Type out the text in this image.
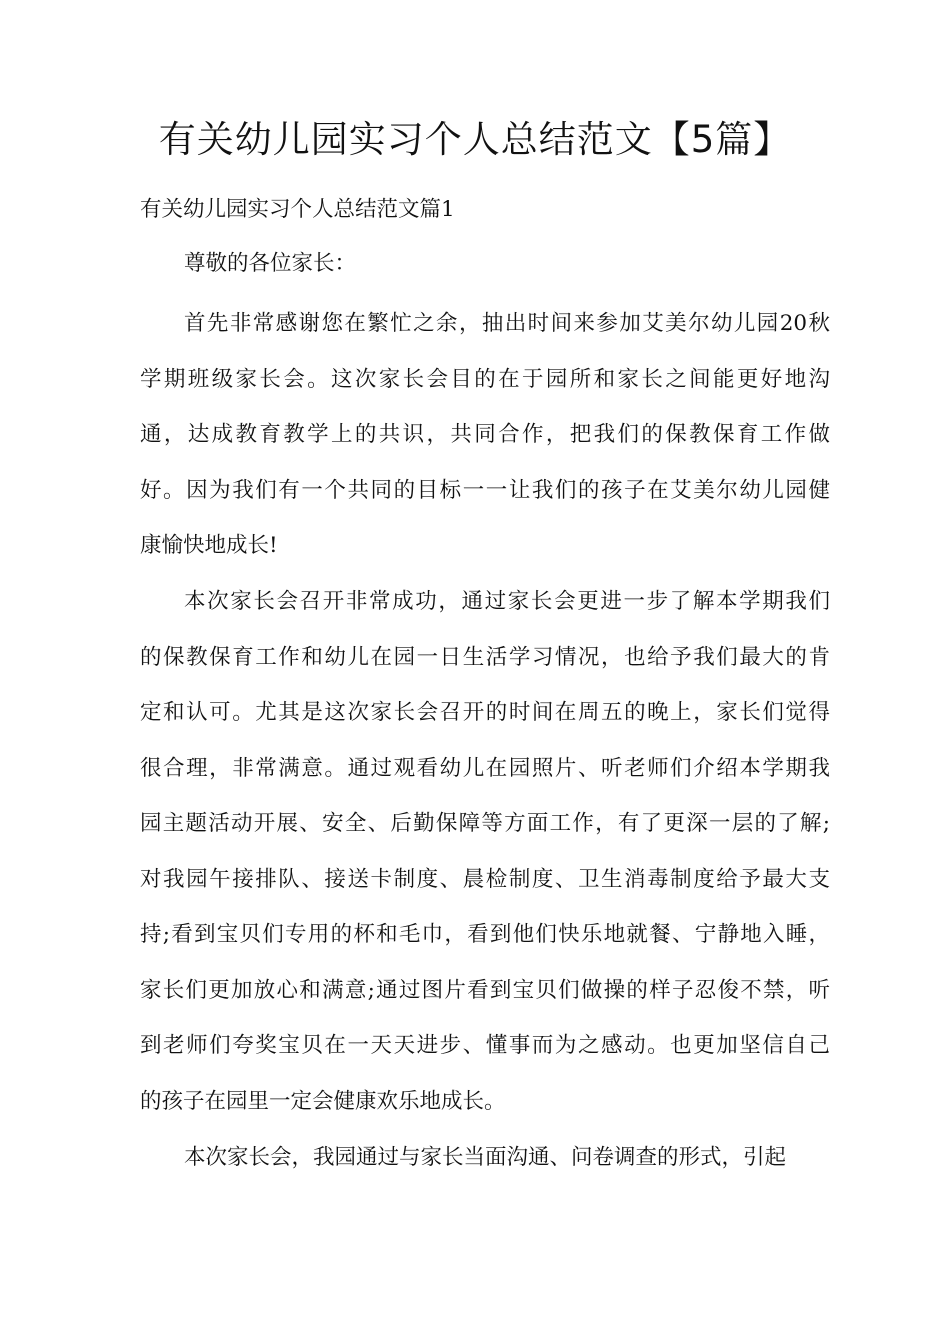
有关幼儿园实习个人总结范文【5篇】
有关幼儿园实习个人总结范文篇1

尊敬的各位家长：

首先非常感谢您在繁忙之余，抽出时间来参加艾美尔幼儿园20秋
学期班级家长会。这次家长会目的在于园所和家长之间能更好地沟
通，达成教育教学上的共识，共同合作，把我们的保教保育工作做
好。因为我们有一个共同的目标一一让我们的孩子在艾美尔幼儿园健
康愉快地成长!
本次家长会召开非常成功，通过家长会更进一步了解本学期我们
的保教保育工作和幼儿在园一日生活学习情况，也给予我们最大的肯
定和认可。尤其是这次家长会召开的时间在周五的晚上，家长们觉得
很合理，非常满意。通过观看幼儿在园照片、听老师们介绍本学期我
园主题活动开展、安全、后勤保障等方面工作，有了更深一层的了解;
对我园午接排队、接送卡制度、晨检制度、卫生消毒制度给予最大支
持;看到宝贝们专用的杯和毛巾，看到他们快乐地就餐、宁静地入睡，
家长们更加放心和满意;通过图片看到宝贝们做操的样子忍俊不禁，听
到老师们夸奖宝贝在一天天进步、懂事而为之感动。也更加坚信自己
的孩子在园里一定会健康欢乐地成长。
本次家长会，我园通过与家长当面沟通、问卷调查的形式，引起
